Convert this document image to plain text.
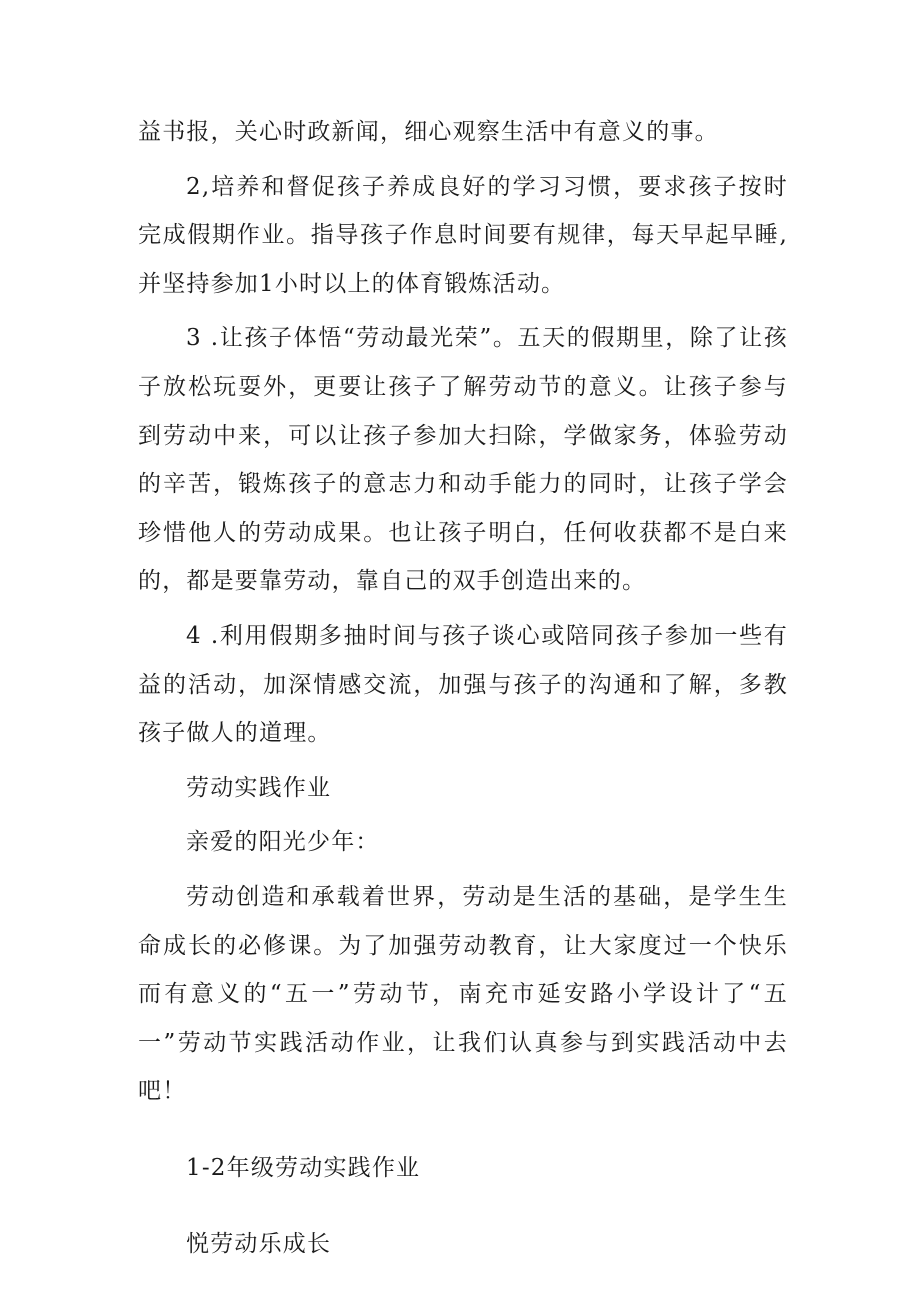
益书报，关心时政新闻，细心观察生活中有意义的事。

2,培养和督促孩子养成良好的学习习惯，要求孩子按时完成假期作业。指导孩子作息时间要有规律，每天早起早睡,并坚持参加1小时以上的体育锻炼活动。

3 .让孩子体悟“劳动最光荣”。五天的假期里，除了让孩子放松玩耍外，更要让孩子了解劳动节的意义。让孩子参与到劳动中来，可以让孩子参加大扫除，学做家务，体验劳动的辛苦，锻炼孩子的意志力和动手能力的同时，让孩子学会珍惜他人的劳动成果。也让孩子明白，任何收获都不是白来的，都是要靠劳动，靠自己的双手创造出来的。

4 .利用假期多抽时间与孩子谈心或陪同孩子参加一些有益的活动，加深情感交流，加强与孩子的沟通和了解，多教孩子做人的道理。

劳动实践作业

亲爱的阳光少年：

劳动创造和承载着世界，劳动是生活的基础，是学生生命成长的必修课。为了加强劳动教育，让大家度过一个快乐而有意义的“五一”劳动节，南充市延安路小学设计了“五一”劳动节实践活动作业，让我们认真参与到实践活动中去吧！

1-2年级劳动实践作业

悦劳动乐成长
